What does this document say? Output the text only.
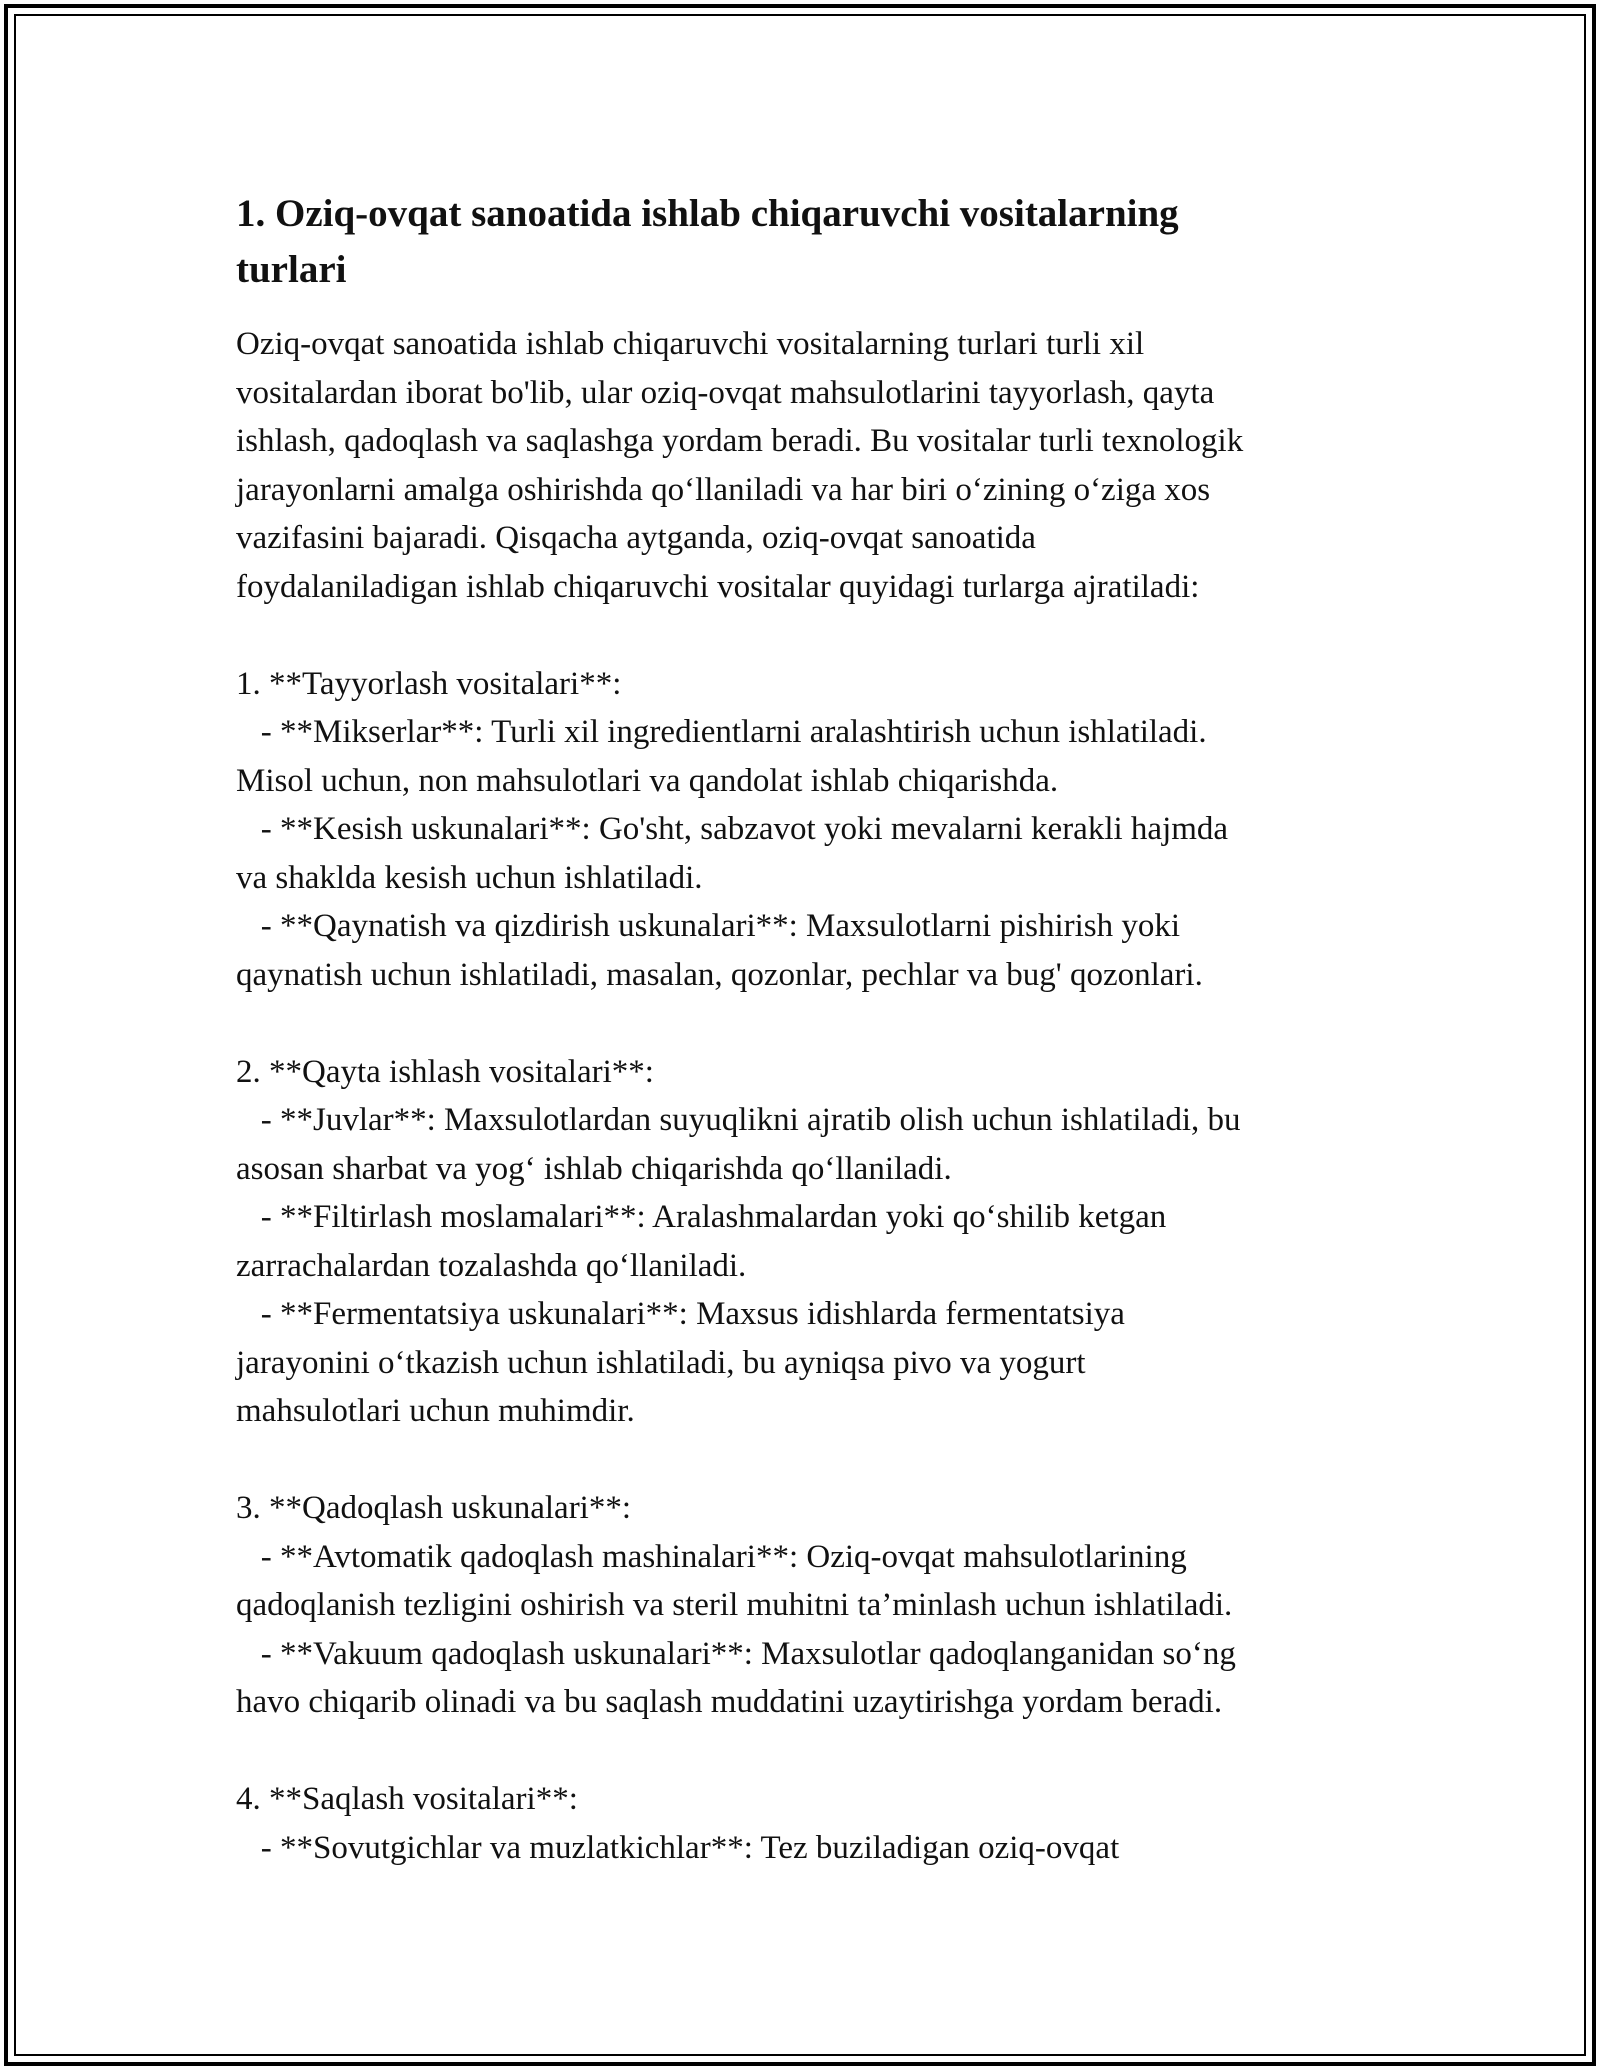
1. Oziq-ovqat sanoatida ishlab chiqaruvchi vositalarning
turlari

Oziq-ovqat sanoatida ishlab chiqaruvchi vositalarning turlari turli xil
vositalardan iborat bo'lib, ular oziq-ovqat mahsulotlarini tayyorlash, qayta
ishlash, qadoqlash va saqlashga yordam beradi. Bu vositalar turli texnologik
jarayonlarni amalga oshirishda qo‘llaniladi va har biri o‘zining o‘ziga xos
vazifasini bajaradi. Qisqacha aytganda, oziq-ovqat sanoatida
foydalaniladigan ishlab chiqaruvchi vositalar quyidagi turlarga ajratiladi:

1. **Tayyorlash vositalari**:
- **Mikserlar**: Turli xil ingredientlarni aralashtirish uchun ishlatiladi.
Misol uchun, non mahsulotlari va qandolat ishlab chiqarishda.
- **Kesish uskunalari**: Go'sht, sabzavot yoki mevalarni kerakli hajmda
va shaklda kesish uchun ishlatiladi.
- **Qaynatish va qizdirish uskunalari**: Maxsulotlarni pishirish yoki
qaynatish uchun ishlatiladi, masalan, qozonlar, pechlar va bug' qozonlari.

2. **Qayta ishlash vositalari**:
- **Juvlar**: Maxsulotlardan suyuqlikni ajratib olish uchun ishlatiladi, bu
asosan sharbat va yog‘ ishlab chiqarishda qo‘llaniladi.
- **Filtirlash moslamalari**: Aralashmalardan yoki qo‘shilib ketgan
zarrachalardan tozalashda qo‘llaniladi.
- **Fermentatsiya uskunalari**: Maxsus idishlarda fermentatsiya
jarayonini o‘tkazish uchun ishlatiladi, bu ayniqsa pivo va yogurt
mahsulotlari uchun muhimdir.

3. **Qadoqlash uskunalari**:
- **Avtomatik qadoqlash mashinalari**: Oziq-ovqat mahsulotlarining
qadoqlanish tezligini oshirish va steril muhitni ta’minlash uchun ishlatiladi.
- **Vakuum qadoqlash uskunalari**: Maxsulotlar qadoqlanganidan so‘ng
havo chiqarib olinadi va bu saqlash muddatini uzaytirishga yordam beradi.

4. **Saqlash vositalari**:
- **Sovutgichlar va muzlatkichlar**: Tez buziladigan oziq-ovqat
